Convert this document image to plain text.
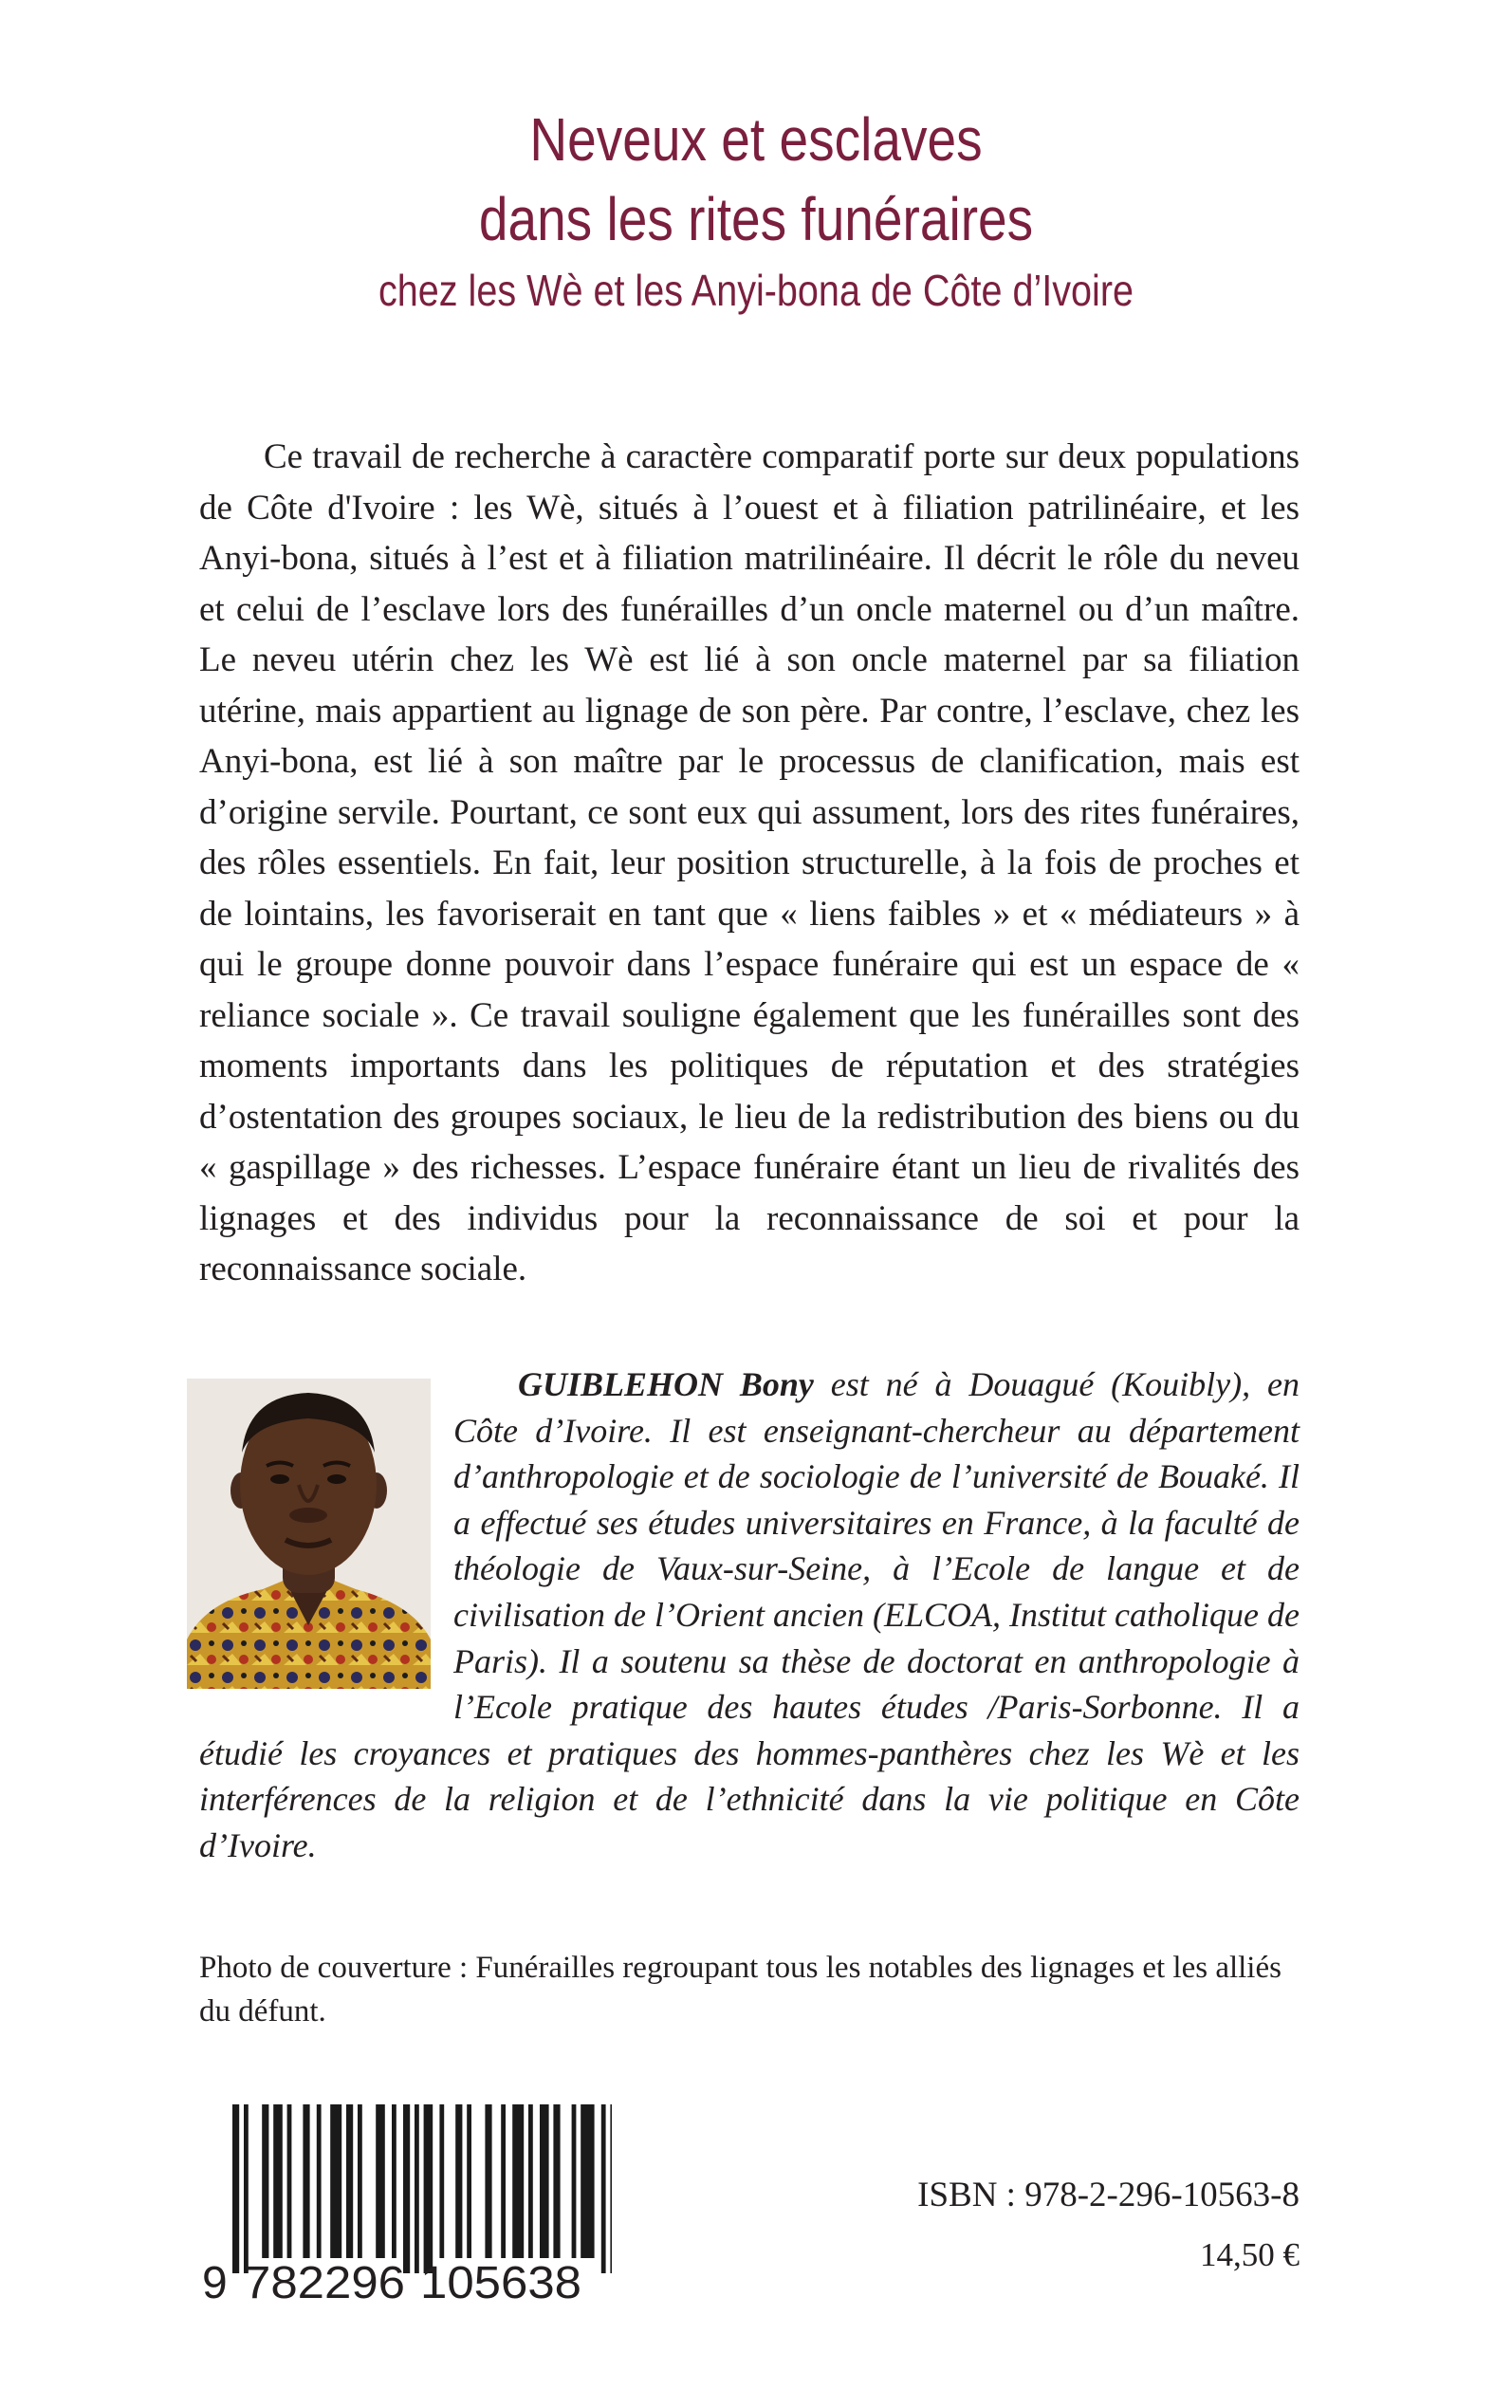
Neveux et esclaves
dans les rites funéraires
chez les Wè et les Anyi-bona de Côte d’Ivoire

Ce travail de recherche à caractère comparatif porte sur deux populations de Côte d'Ivoire : les Wè, situés à l’ouest et à filiation patrilinéaire, et les Anyi-bona, situés à l’est et à filiation matrilinéaire. Il décrit le rôle du neveu et celui de l’esclave lors des funérailles d’un oncle maternel ou d’un maître. Le neveu utérin chez les Wè est lié à son oncle maternel par sa filiation utérine, mais appartient au lignage de son père. Par contre, l’esclave, chez les Anyi-bona, est lié à son maître par le processus de clanification, mais est d’origine servile. Pourtant, ce sont eux qui assument, lors des rites funéraires, des rôles essentiels. En fait, leur position structurelle, à la fois de proches et de lointains, les favoriserait en tant que « liens faibles » et « médiateurs » à qui le groupe donne pouvoir dans l’espace funéraire qui est un espace de « reliance sociale ». Ce travail souligne également que les funérailles sont des moments importants dans les politiques de réputation et des stratégies d’ostentation des groupes sociaux, le lieu de la redistribution des biens ou du « gaspillage » des richesses. L’espace funéraire étant un lieu de rivalités des lignages et des individus pour la reconnaissance de soi et pour la reconnaissance sociale.

GUIBLEHON Bony est né à Douagué (Kouibly), en Côte d’Ivoire. Il est enseignant-chercheur au département d’anthropologie et de sociologie de l’université de Bouaké. Il a effectué ses études universitaires en France, à la faculté de théologie de Vaux-sur-Seine, à l’Ecole de langue et de civilisation de l’Orient ancien (ELCOA, Institut catholique de Paris). Il a soutenu sa thèse de doctorat en anthropologie à l’Ecole pratique des hautes études /Paris-Sorbonne. Il a étudié les croyances et pratiques des hommes-panthères chez les Wè et les interférences de la religion et de l’ethnicité dans la vie politique en Côte d’Ivoire.

Photo de couverture : Funérailles regroupant tous les notables des lignages et les alliés du défunt.

9 782296 105638
ISBN : 978-2-296-10563-8
14,50 €
